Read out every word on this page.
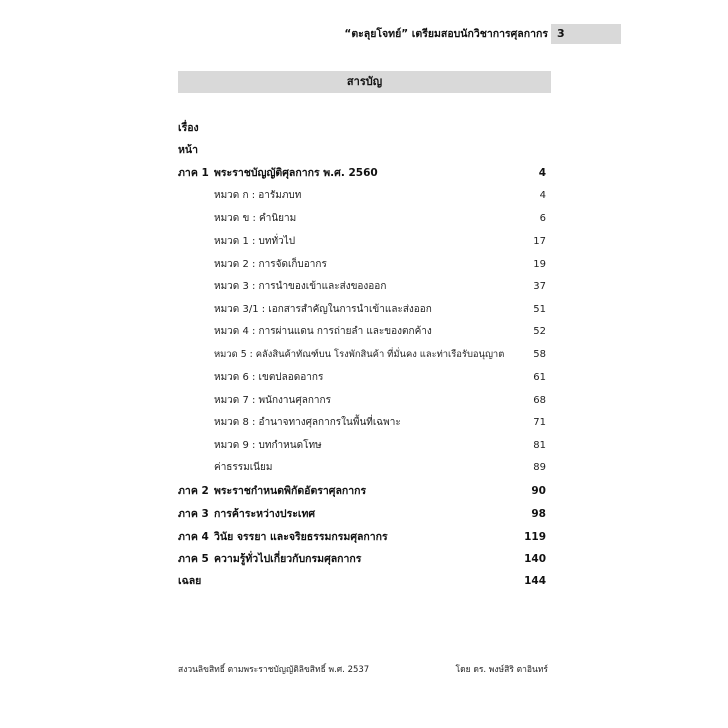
“ตะลุยโจทย์” เตรียมสอบนักวิชาการศุลกากร 3
สารบัญ
เรื่อง
หน้า
ภาค 1 พระราชบัญญัติศุลกากร พ.ศ. 2560	4
หมวด ก : อารัมภบท	4
หมวด ข : คำนิยาม	6
หมวด 1 : บททั่วไป	17
หมวด 2 : การจัดเก็บอากร	19
หมวด 3 : การนำของเข้าและส่งของออก	37
หมวด 3/1 : เอกสารสำคัญในการนำเข้าและส่งออก	51
หมวด 4 : การผ่านแดน การถ่ายลำ และของตกค้าง	52
หมวด 5 : คลังสินค้าทัณฑ์บน โรงพักสินค้า ที่มั่นคง และท่าเรือรับอนุญาต	58
หมวด 6 : เขตปลอดอากร	61
หมวด 7 : พนักงานศุลกากร	68
หมวด 8 : อำนาจทางศุลกากรในพื้นที่เฉพาะ	71
หมวด 9 : บทกำหนดโทษ	81
ค่าธรรมเนียม	89
ภาค 2 พระราชกำหนดพิกัดอัตราศุลกากร	90
ภาค 3 การค้าระหว่างประเทศ	98
ภาค 4 วินัย จรรยา และจริยธรรมกรมศุลกากร	119
ภาค 5 ความรู้ทั่วไปเกี่ยวกับกรมศุลกากร	140
เฉลย	144
สงวนลิขสิทธิ์ ตามพระราชบัญญัติลิขสิทธิ์ พ.ศ. 2537	โดย ดร. พงษ์สิริ ตาอินทร์
